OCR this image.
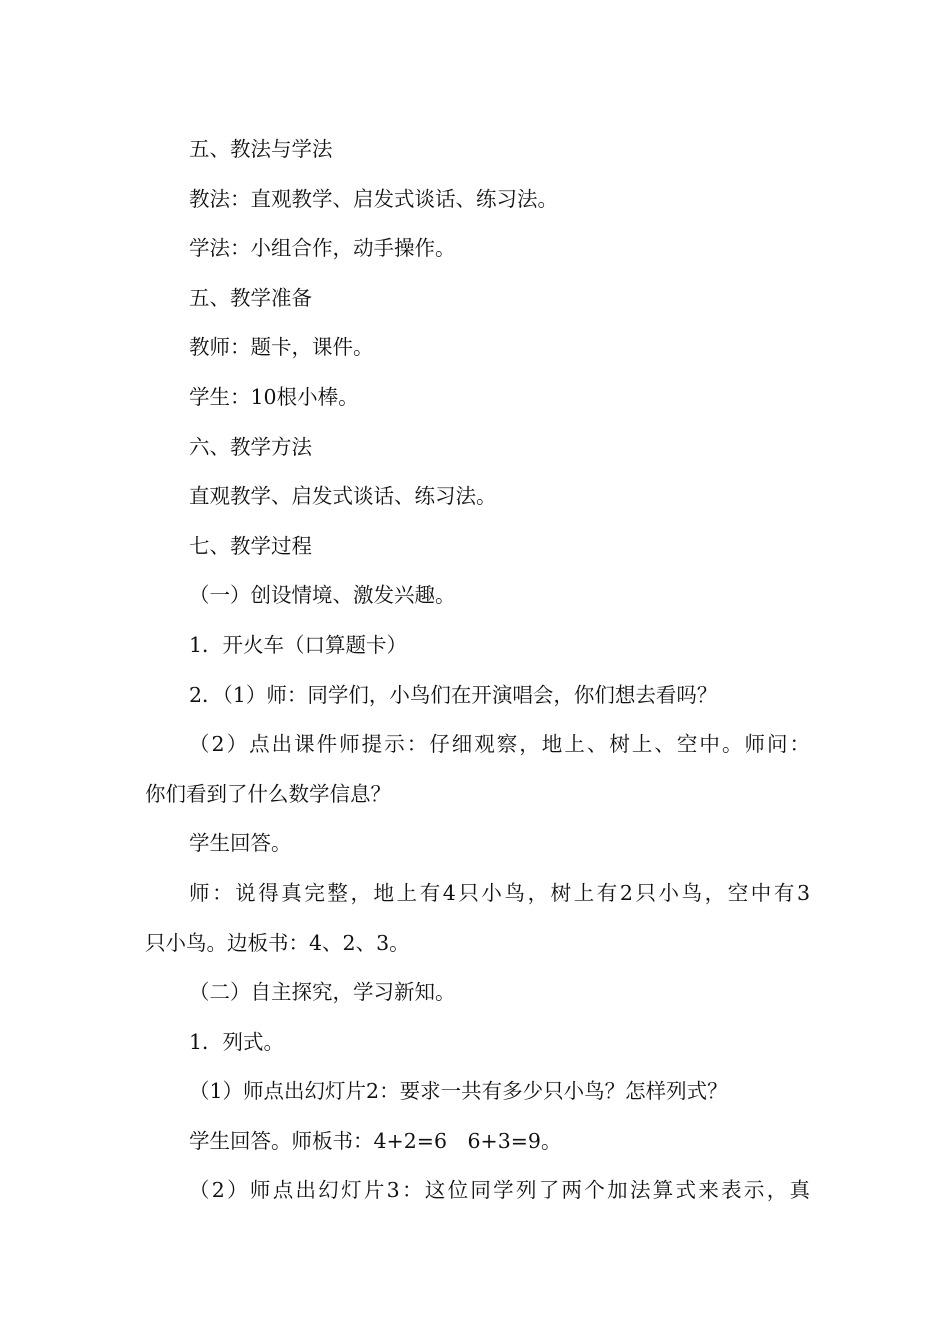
五、教法与学法
教法：直观教学、启发式谈话、练习法。
学法：小组合作，动手操作。
五、教学准备
教师：题卡，课件。
学生：10根小棒。
六、教学方法
直观教学、启发式谈话、练习法。
七、教学过程
（一）创设情境、激发兴趣。
1．开火车（口算题卡）
2．（1）师：同学们，小鸟们在开演唱会，你们想去看吗？
（2）点出课件师提示：仔细观察，地上、树上、空中。师问：
你们看到了什么数学信息？
学生回答。
师：说得真完整，地上有4只小鸟，树上有2只小鸟，空中有3
只小鸟。边板书：4、2、3。
（二）自主探究，学习新知。
1．列式。
（1）师点出幻灯片2：要求一共有多少只小鸟？怎样列式？
学生回答。师板书：4+2=6　6+3=9。
（2）师点出幻灯片3：这位同学列了两个加法算式来表示，真
